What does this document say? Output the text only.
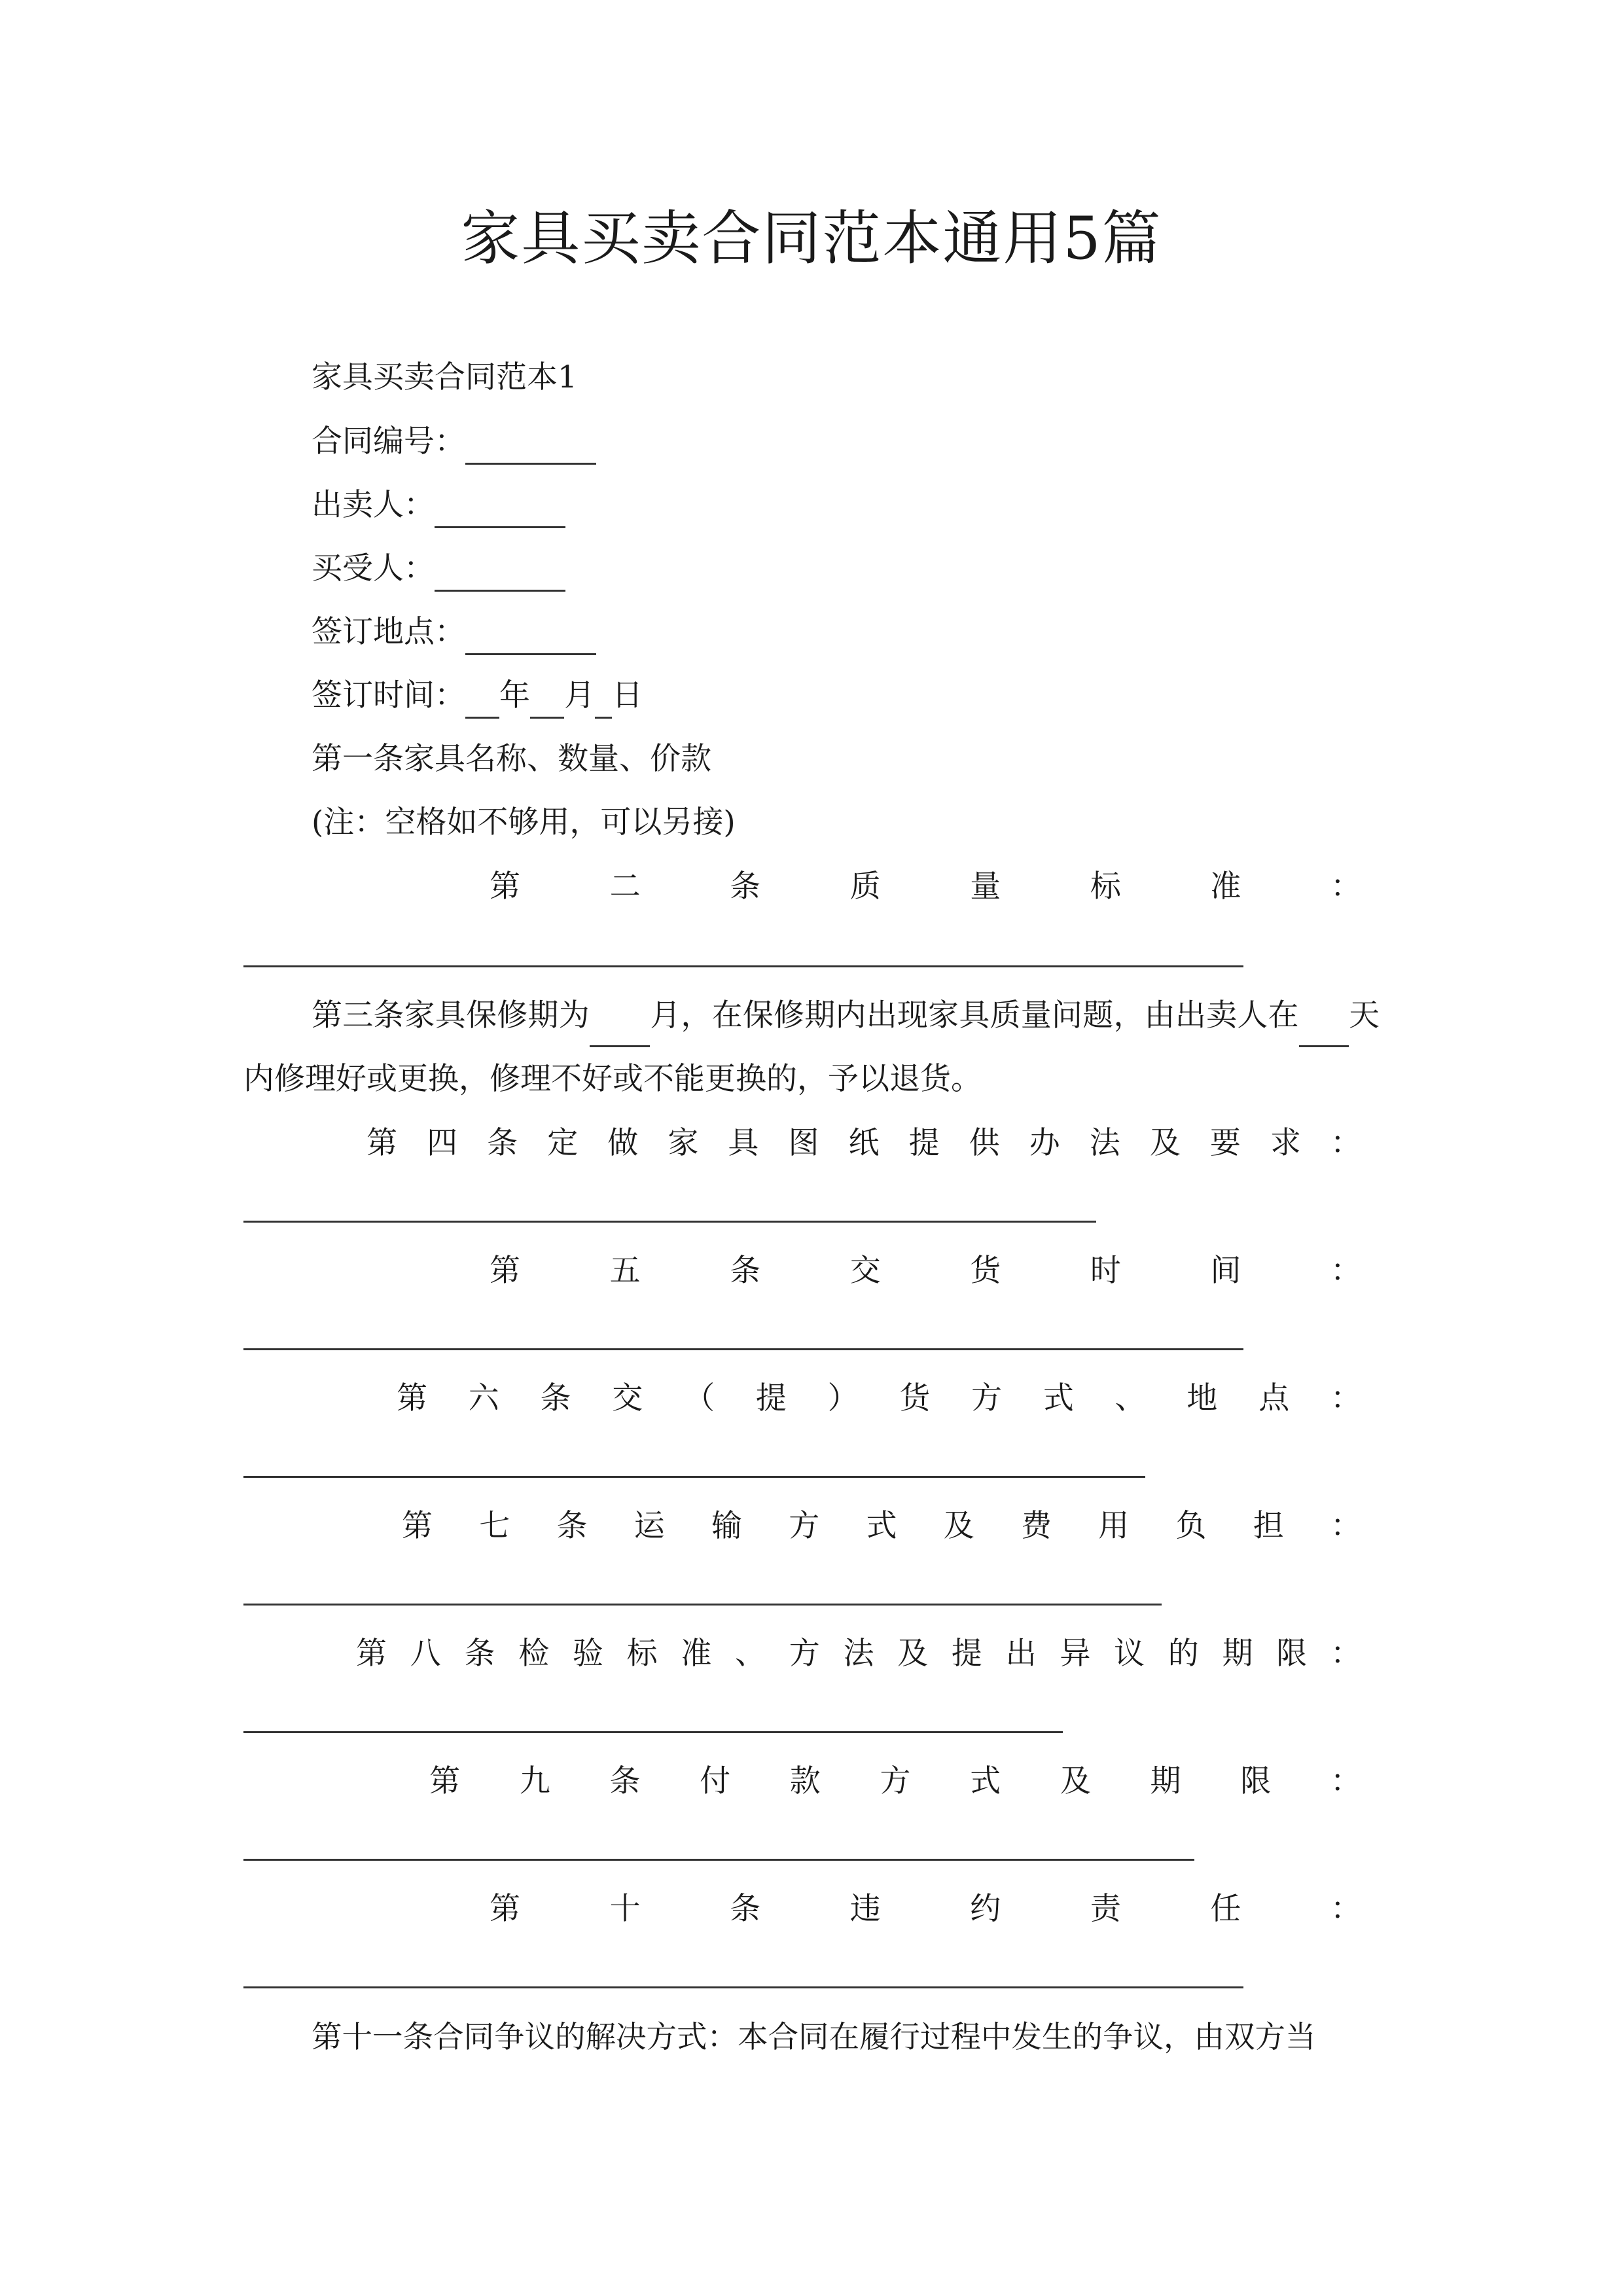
家具买卖合同范本通用5篇
家具买卖合同范本1
合同编号：
出卖人：
买受人：
签订地点：
签订时间： 年 月 日
第一条家具名称、数量、价款
(注：空格如不够用，可以另接)
第	二	条	质	量	标	准	：

第三条家具保修期为 月，在保修期内出现家具质量问题，由出卖人在 天内修理好或更换，修理不好或不能更换的，予以退货。

第 四 条 定 做 家 具 图 纸 提 供 办 法 及 要 求 ：
第	五	条	交	货	时	间	：
第 六 条 交 （ 提 ） 货 方 式 、 地 点 ：
第 七 条 运 输 方 式 及 费 用 负 担 ：
第 八 条 检 验 标 准 、 方 法 及 提 出 异 议 的 期 限 ：
第 九 条 付 款 方 式 及 期 限 ：
第	十	条	违	约	责	任	：
第十一条合同争议的解决方式：本合同在履行过程中发生的争议，由双方当
